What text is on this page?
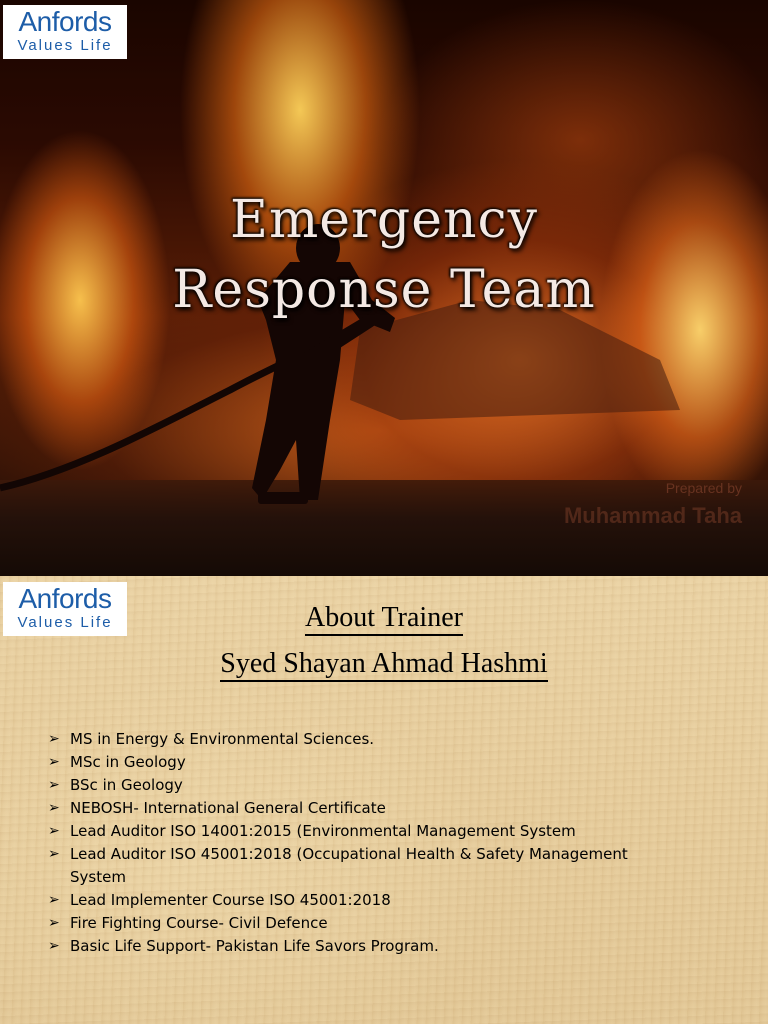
Anfords
Values Life
Emergency
Response Team
Prepared by
Muhammad Taha
Anfords
Values Life	About Trainer
Syed Shayan Ahmad Hashmi
➢ MS in Energy & Environmental Sciences.
➢ MSc in Geology
➢ BSc in Geology
➢ NEBOSH- International General Certificate
➢ Lead Auditor ISO 14001:2015 (Environmental Management System
➢ Lead Auditor ISO 45001:2018 (Occupational Health & Safety Management System
➢ Lead Implementer Course ISO 45001:2018
➢ Fire Fighting Course- Civil Defence
➢ Basic Life Support- Pakistan Life Savors Program.
